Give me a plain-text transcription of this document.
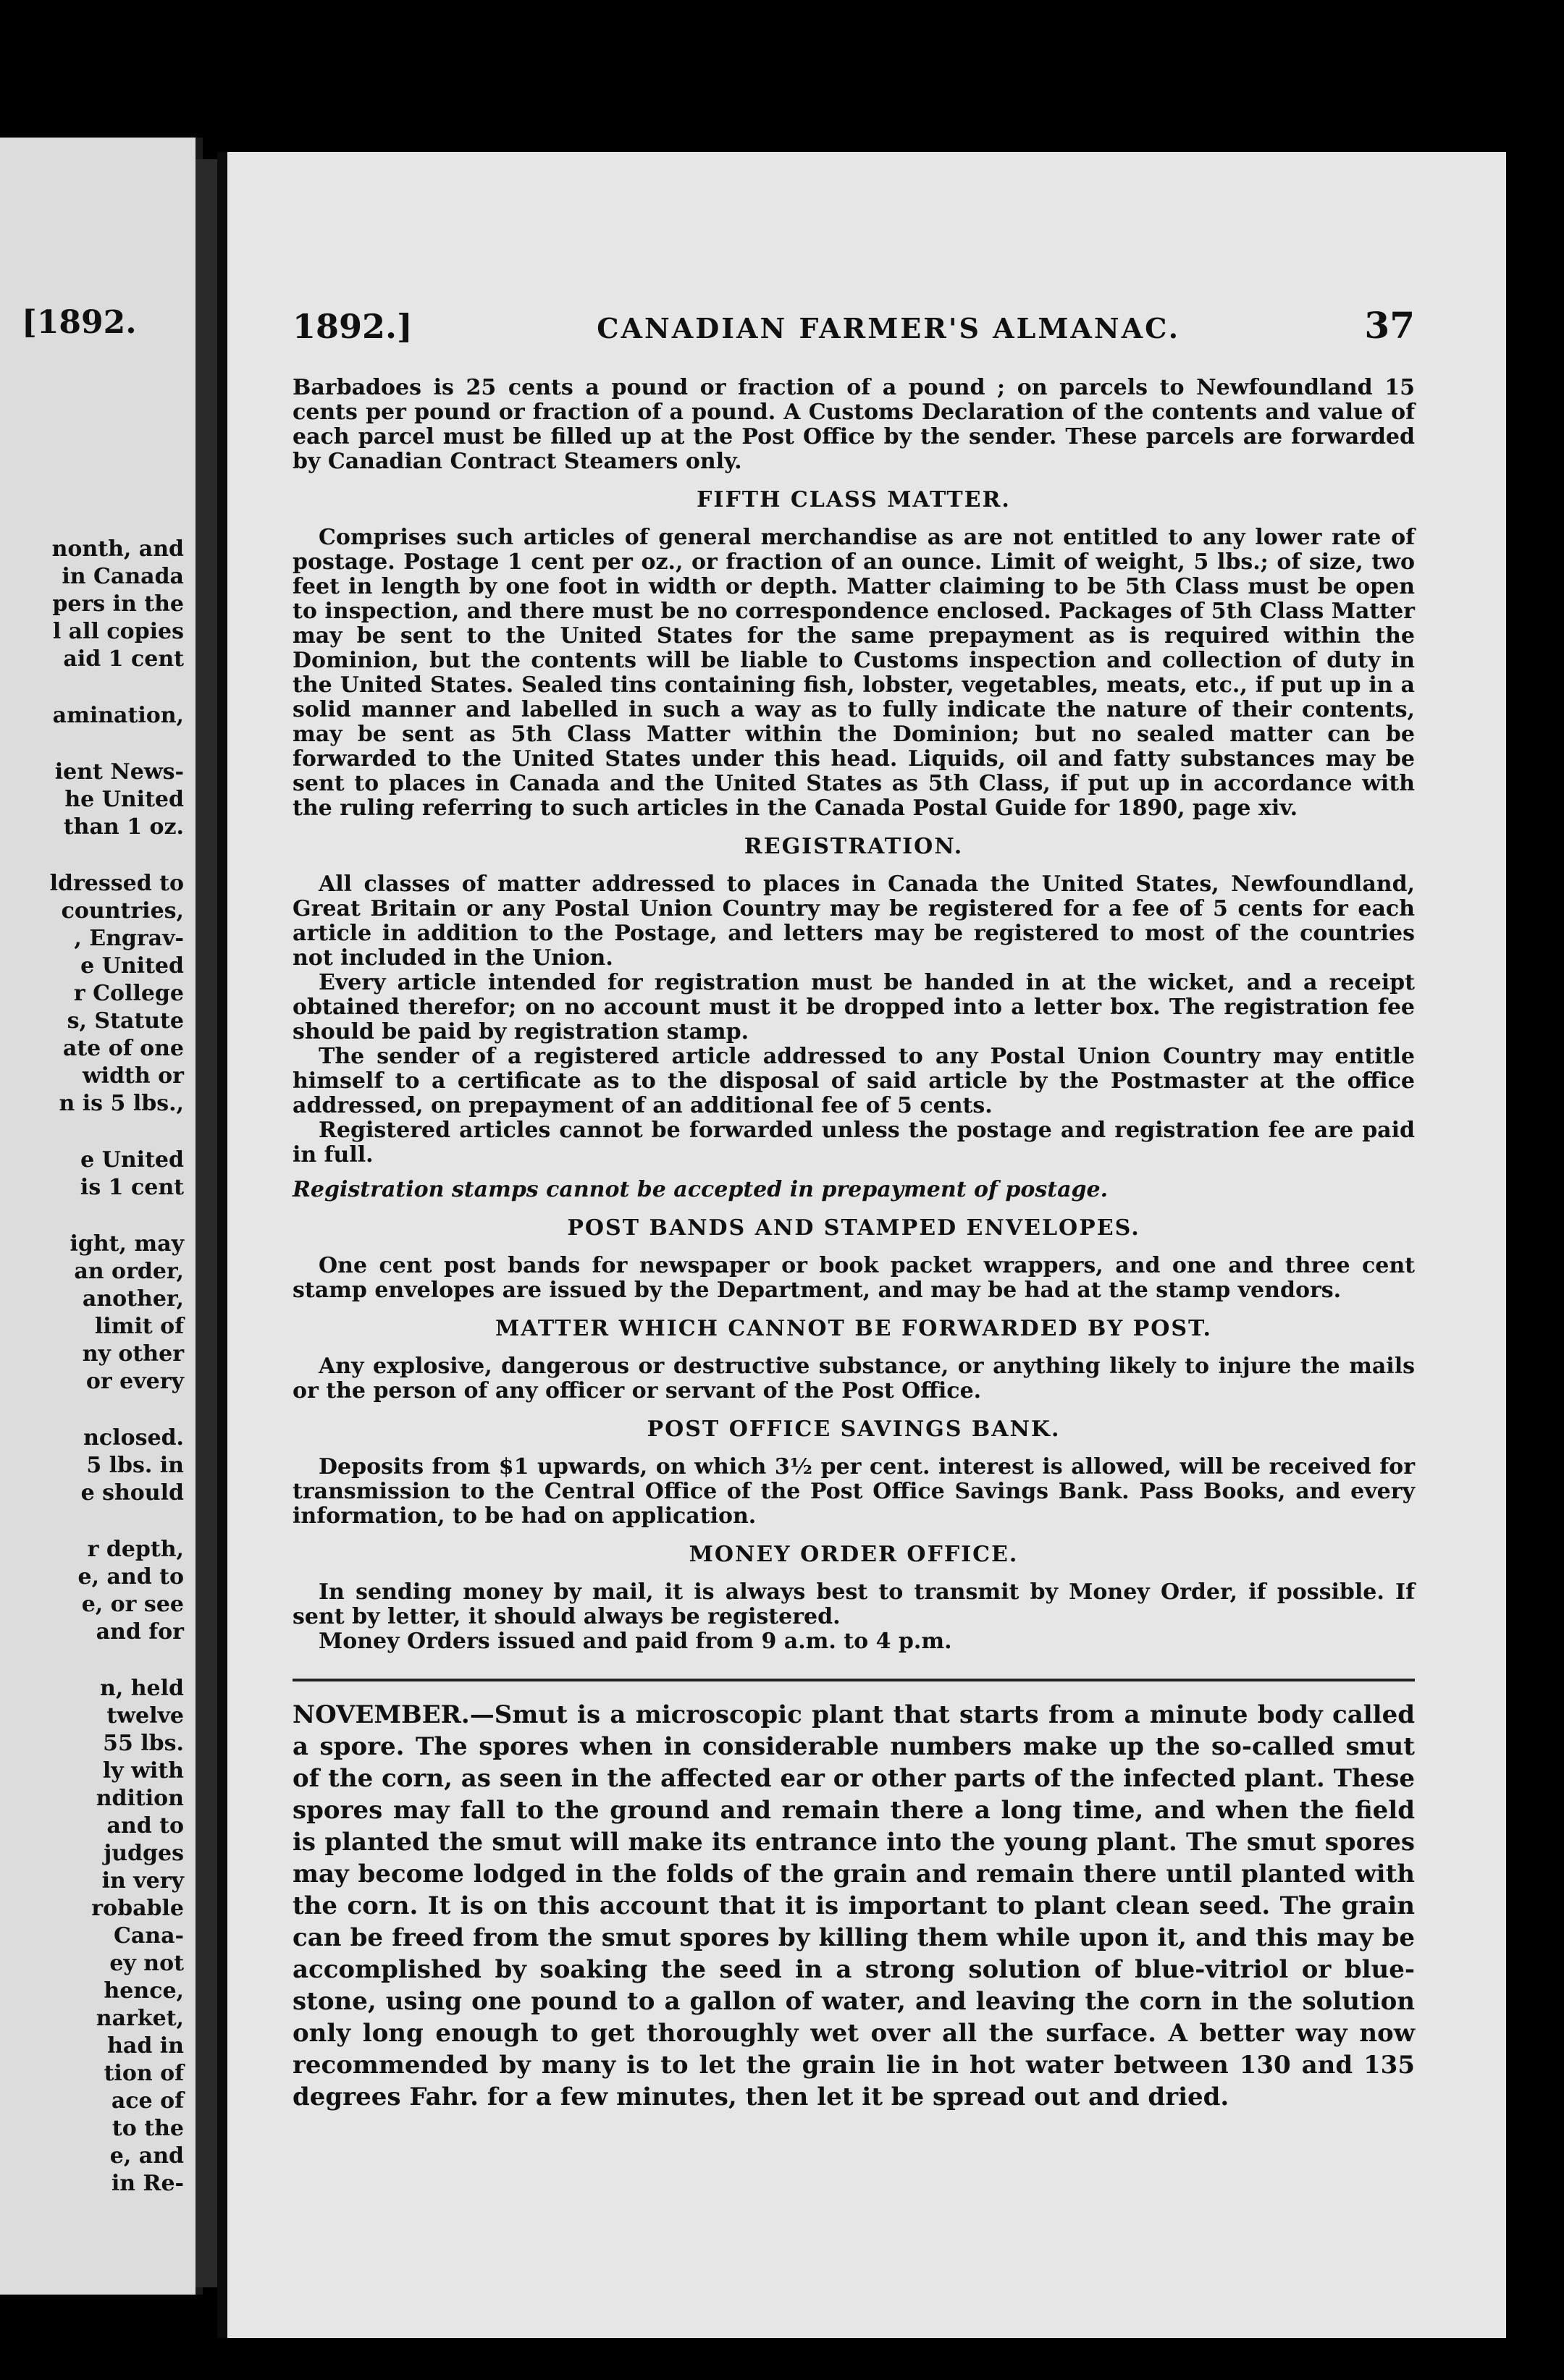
[1892.
nonth, and
in Canada
pers in the
l all copies
aid 1 cent
amination,
ient News-
he United
than 1 oz.
ldressed to
countries,
, Engrav-
e United
r College
s, Statute
ate of one
width or
n is 5 lbs.,
e United
is 1 cent
ight, may
an order,
another,
limit of
ny other
or every
nclosed.
5 lbs. in
e should
r depth,
e, and to
e, or see
and for
n, held
twelve
55 lbs.
ly with
ndition
and to
judges
in very
robable
Cana-
ey not
hence,
narket,
had in
tion of
ace of
to the
e, and
in Re-
1892.]	CANADIAN FARMER'S ALMANAC.	37

Barbadoes is 25 cents a pound or fraction of a pound ; on parcels to Newfoundland 15 cents per pound or fraction of a pound. A Customs Declaration of the contents and value of each parcel must be filled up at the Post Office by the sender. These parcels are forwarded by Canadian Contract Steamers only.

FIFTH CLASS MATTER.

Comprises such articles of general merchandise as are not entitled to any lower rate of postage. Postage 1 cent per oz., or fraction of an ounce. Limit of weight, 5 lbs.; of size, two feet in length by one foot in width or depth. Matter claiming to be 5th Class must be open to inspection, and there must be no correspondence enclosed. Packages of 5th Class Matter may be sent to the United States for the same prepayment as is required within the Dominion, but the contents will be liable to Customs inspection and collection of duty in the United States. Sealed tins containing fish, lobster, vegetables, meats, etc., if put up in a solid manner and labelled in such a way as to fully indicate the nature of their contents, may be sent as 5th Class Matter within the Dominion; but no sealed matter can be forwarded to the United States under this head. Liquids, oil and fatty substances may be sent to places in Canada and the United States as 5th Class, if put up in accordance with the ruling referring to such articles in the Canada Postal Guide for 1890, page xiv.

REGISTRATION.

All classes of matter addressed to places in Canada the United States, Newfoundland, Great Britain or any Postal Union Country may be registered for a fee of 5 cents for each article in addition to the Postage, and letters may be registered to most of the countries not included in the Union.

Every article intended for registration must be handed in at the wicket, and a receipt obtained therefor; on no account must it be dropped into a letter box. The registration fee should be paid by registration stamp.

The sender of a registered article addressed to any Postal Union Country may entitle himself to a certificate as to the disposal of said article by the Postmaster at the office addressed, on prepayment of an additional fee of 5 cents.

Registered articles cannot be forwarded unless the postage and registration fee are paid in full.

Registration stamps cannot be accepted in prepayment of postage.

POST BANDS AND STAMPED ENVELOPES.

One cent post bands for newspaper or book packet wrappers, and one and three cent stamp envelopes are issued by the Department, and may be had at the stamp vendors.

MATTER WHICH CANNOT BE FORWARDED BY POST.

Any explosive, dangerous or destructive substance, or anything likely to injure the mails or the person of any officer or servant of the Post Office.

POST OFFICE SAVINGS BANK.

Deposits from $1 upwards, on which 3½ per cent. interest is allowed, will be received for transmission to the Central Office of the Post Office Savings Bank. Pass Books, and every information, to be had on application.

MONEY ORDER OFFICE.

In sending money by mail, it is always best to transmit by Money Order, if possible. If sent by letter, it should always be registered.

Money Orders issued and paid from 9 a.m. to 4 p.m.

NOVEMBER.—Smut is a microscopic plant that starts from a minute body called a spore. The spores when in considerable numbers make up the so-called smut of the corn, as seen in the affected ear or other parts of the infected plant. These spores may fall to the ground and remain there a long time, and when the field is planted the smut will make its entrance into the young plant. The smut spores may become lodged in the folds of the grain and remain there until planted with the corn. It is on this account that it is important to plant clean seed. The grain can be freed from the smut spores by killing them while upon it, and this may be accomplished by soaking the seed in a strong solution of blue-vitriol or blue-stone, using one pound to a gallon of water, and leaving the corn in the solution only long enough to get thoroughly wet over all the surface. A better way now recommended by many is to let the grain lie in hot water between 130 and 135 degrees Fahr. for a few minutes, then let it be spread out and dried.
